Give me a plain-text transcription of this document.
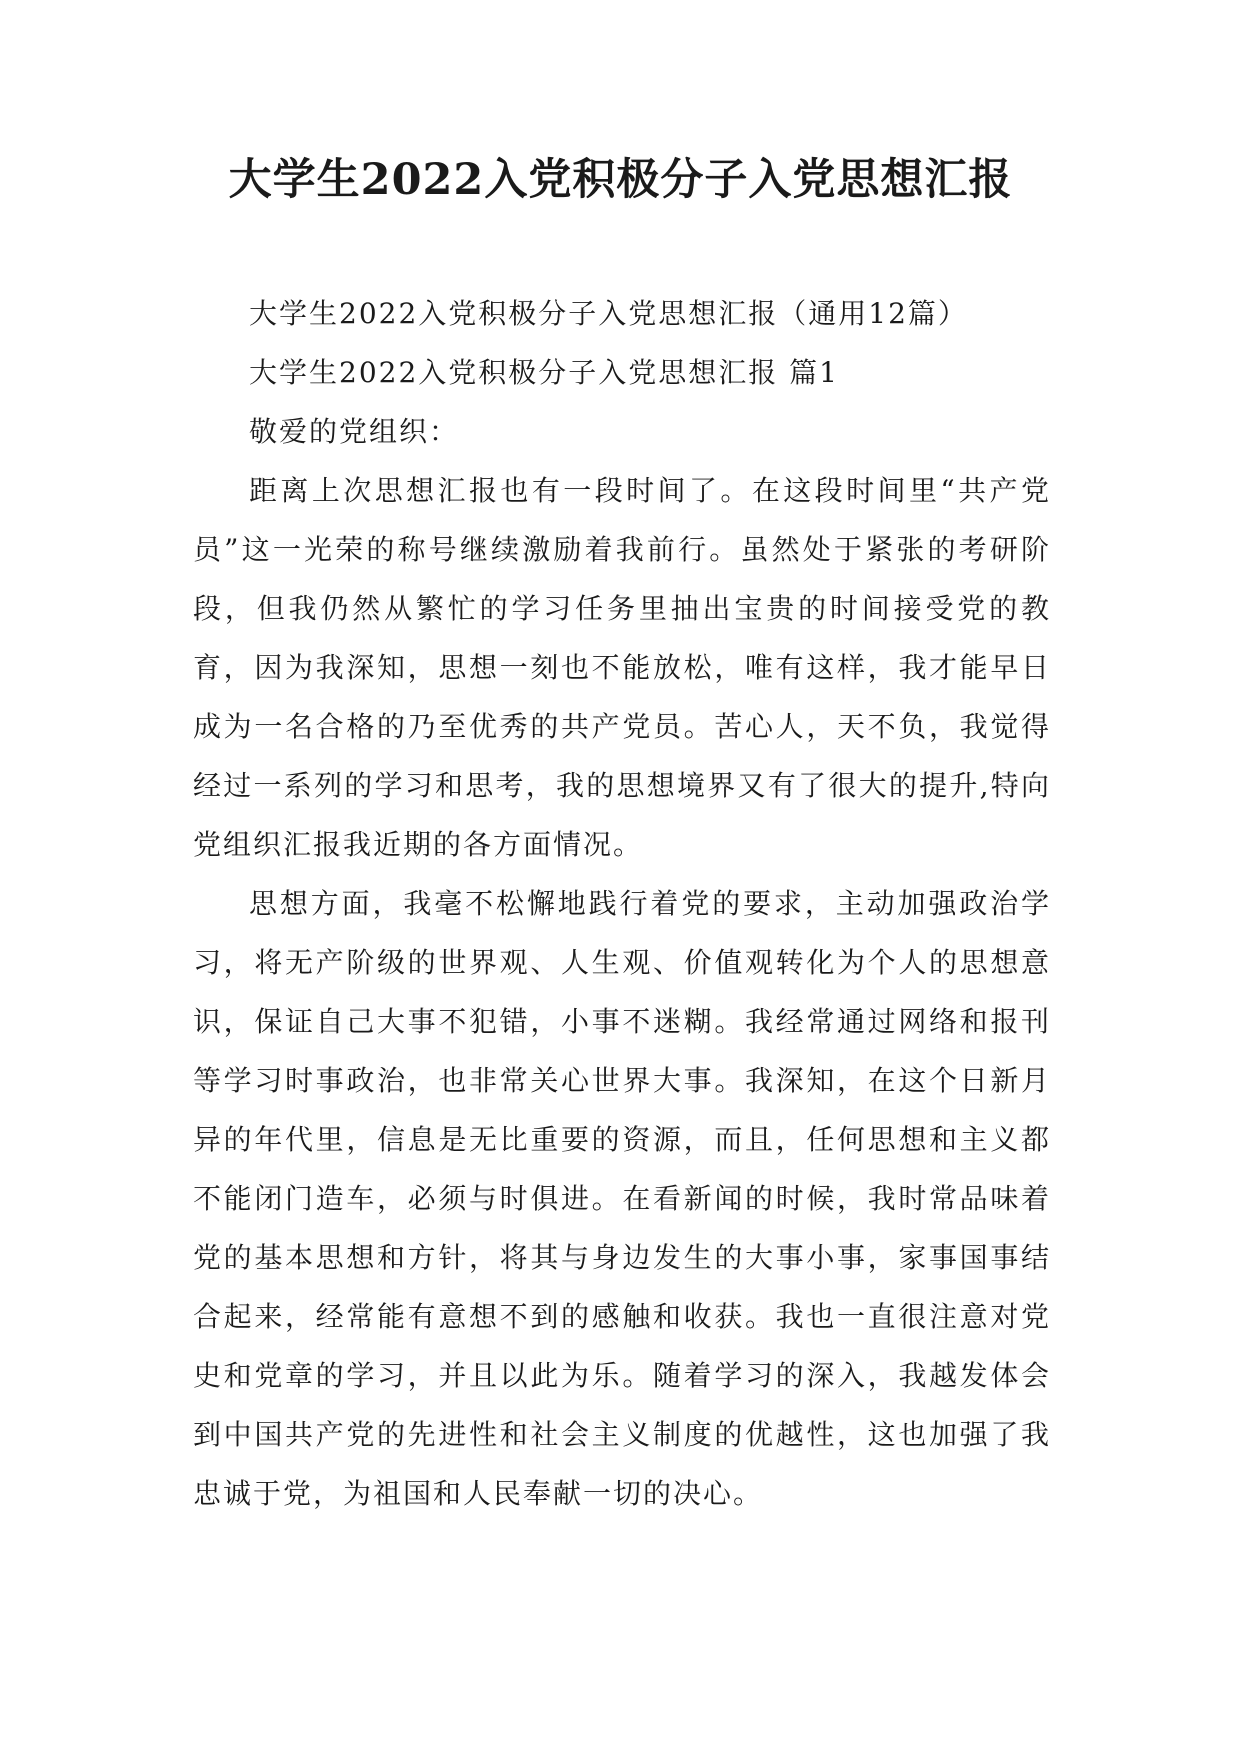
大学生2022入党积极分子入党思想汇报

大学生2022入党积极分子入党思想汇报（通用12篇）

大学生2022入党积极分子入党思想汇报 篇1

敬爱的党组织：

距离上次思想汇报也有一段时间了。在这段时间里“共产党员”这一光荣的称号继续激励着我前行。虽然处于紧张的考研阶段，但我仍然从繁忙的学习任务里抽出宝贵的时间接受党的教育，因为我深知，思想一刻也不能放松，唯有这样，我才能早日成为一名合格的乃至优秀的共产党员。苦心人，天不负，我觉得经过一系列的学习和思考，我的思想境界又有了很大的提升,特向党组织汇报我近期的各方面情况。

思想方面，我毫不松懈地践行着党的要求，主动加强政治学习，将无产阶级的世界观、人生观、价值观转化为个人的思想意识，保证自己大事不犯错，小事不迷糊。我经常通过网络和报刊等学习时事政治，也非常关心世界大事。我深知，在这个日新月异的年代里，信息是无比重要的资源，而且，任何思想和主义都不能闭门造车，必须与时俱进。在看新闻的时候，我时常品味着党的基本思想和方针，将其与身边发生的大事小事，家事国事结合起来，经常能有意想不到的感触和收获。我也一直很注意对党史和党章的学习，并且以此为乐。随着学习的深入，我越发体会到中国共产党的先进性和社会主义制度的优越性，这也加强了我忠诚于党，为祖国和人民奉献一切的决心。
